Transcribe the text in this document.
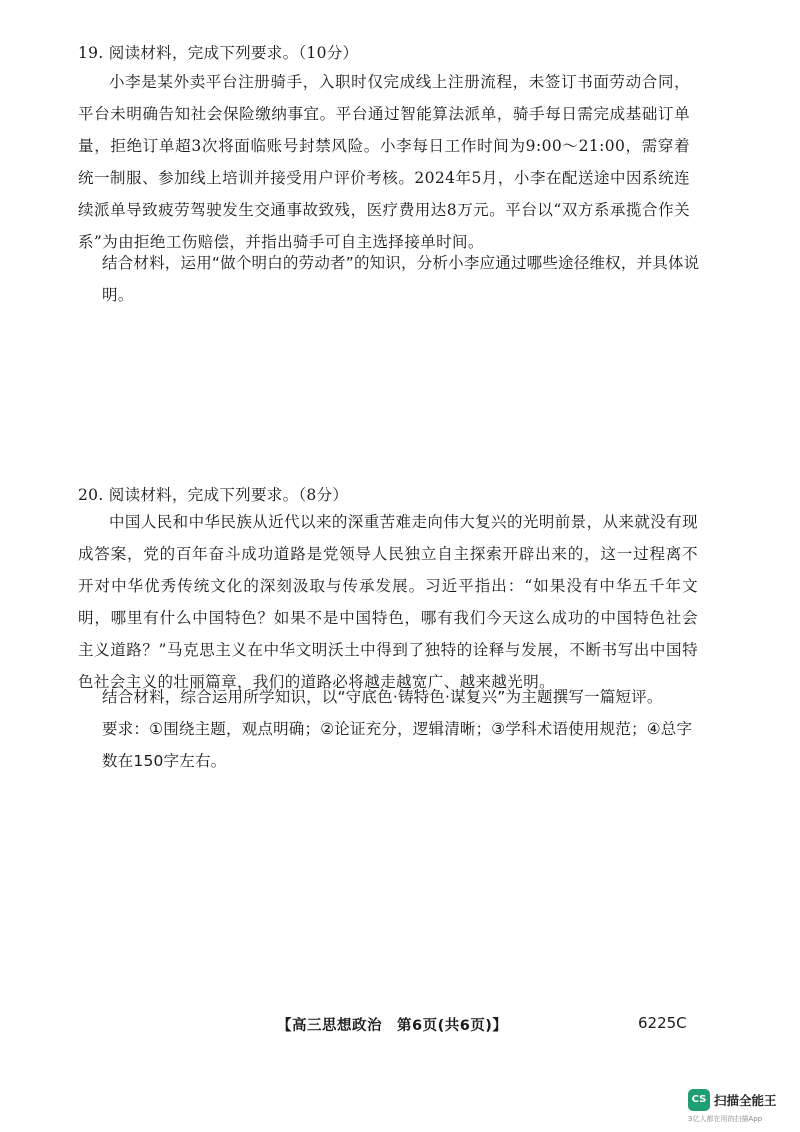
19. 阅读材料，完成下列要求。（10分）
小李是某外卖平台注册骑手，入职时仅完成线上注册流程，未签订书面劳动合同，平台未明确告知社会保险缴纳事宜。平台通过智能算法派单，骑手每日需完成基础订单量，拒绝订单超3次将面临账号封禁风险。小李每日工作时间为9:00～21:00，需穿着统一制服、参加线上培训并接受用户评价考核。2024年5月，小李在配送途中因系统连续派单导致疲劳驾驶发生交通事故致残，医疗费用达8万元。平台以“双方系承揽合作关系”为由拒绝工伤赔偿，并指出骑手可自主选择接单时间。
结合材料，运用“做个明白的劳动者”的知识，分析小李应通过哪些途径维权，并具体说明。
20. 阅读材料，完成下列要求。（8分）
中国人民和中华民族从近代以来的深重苦难走向伟大复兴的光明前景，从来就没有现成答案，党的百年奋斗成功道路是党领导人民独立自主探索开辟出来的，这一过程离不开对中华优秀传统文化的深刻汲取与传承发展。习近平指出：“如果没有中华五千年文明，哪里有什么中国特色？如果不是中国特色，哪有我们今天这么成功的中国特色社会主义道路？”马克思主义在中华文明沃土中得到了独特的诠释与发展，不断书写出中国特色社会主义的壮丽篇章，我们的道路必将越走越宽广、越来越光明。
结合材料，综合运用所学知识，以“守底色·铸特色·谋复兴”为主题撰写一篇短评。
要求：①围绕主题，观点明确；②论证充分，逻辑清晰；③学科术语使用规范；④总字数在150字左右。
【高三思想政治　第6页(共6页)】	6225C
CS 扫描全能王
3亿人都在用的扫描App
